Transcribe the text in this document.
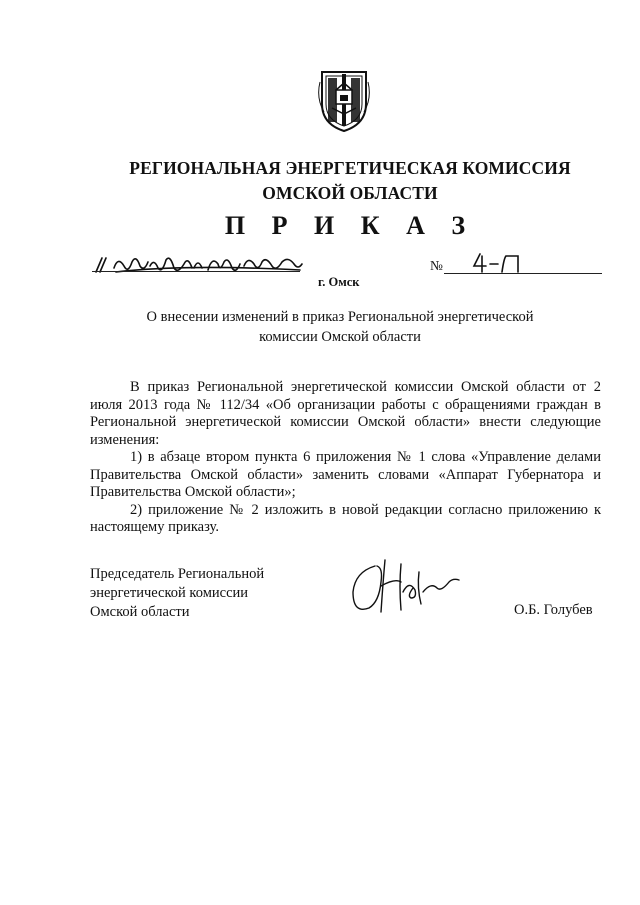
РЕГИОНАЛЬНАЯ ЭНЕРГЕТИЧЕСКАЯ КОМИССИЯ
ОМСКОЙ ОБЛАСТИ
П Р И К А З
г. Омск
№
О внесении изменений в приказ Региональной энергетической
комиссии Омской области

В приказ Региональной энергетической комиссии Омской области от 2 июля 2013 года № 112/34 «Об организации работы с обращениями граждан в Региональной энергетической комиссии Омской области» внести следующие изменения:

1) в абзаце втором пункта 6 приложения № 1 слова «Управление делами Правительства Омской области» заменить словами «Аппарат Губернатора и Правительства Омской области»;

2) приложение № 2 изложить в новой редакции согласно приложению к настоящему приказу.

Председатель Региональной
энергетической комиссии
Омской области	О.Б. Голубев
